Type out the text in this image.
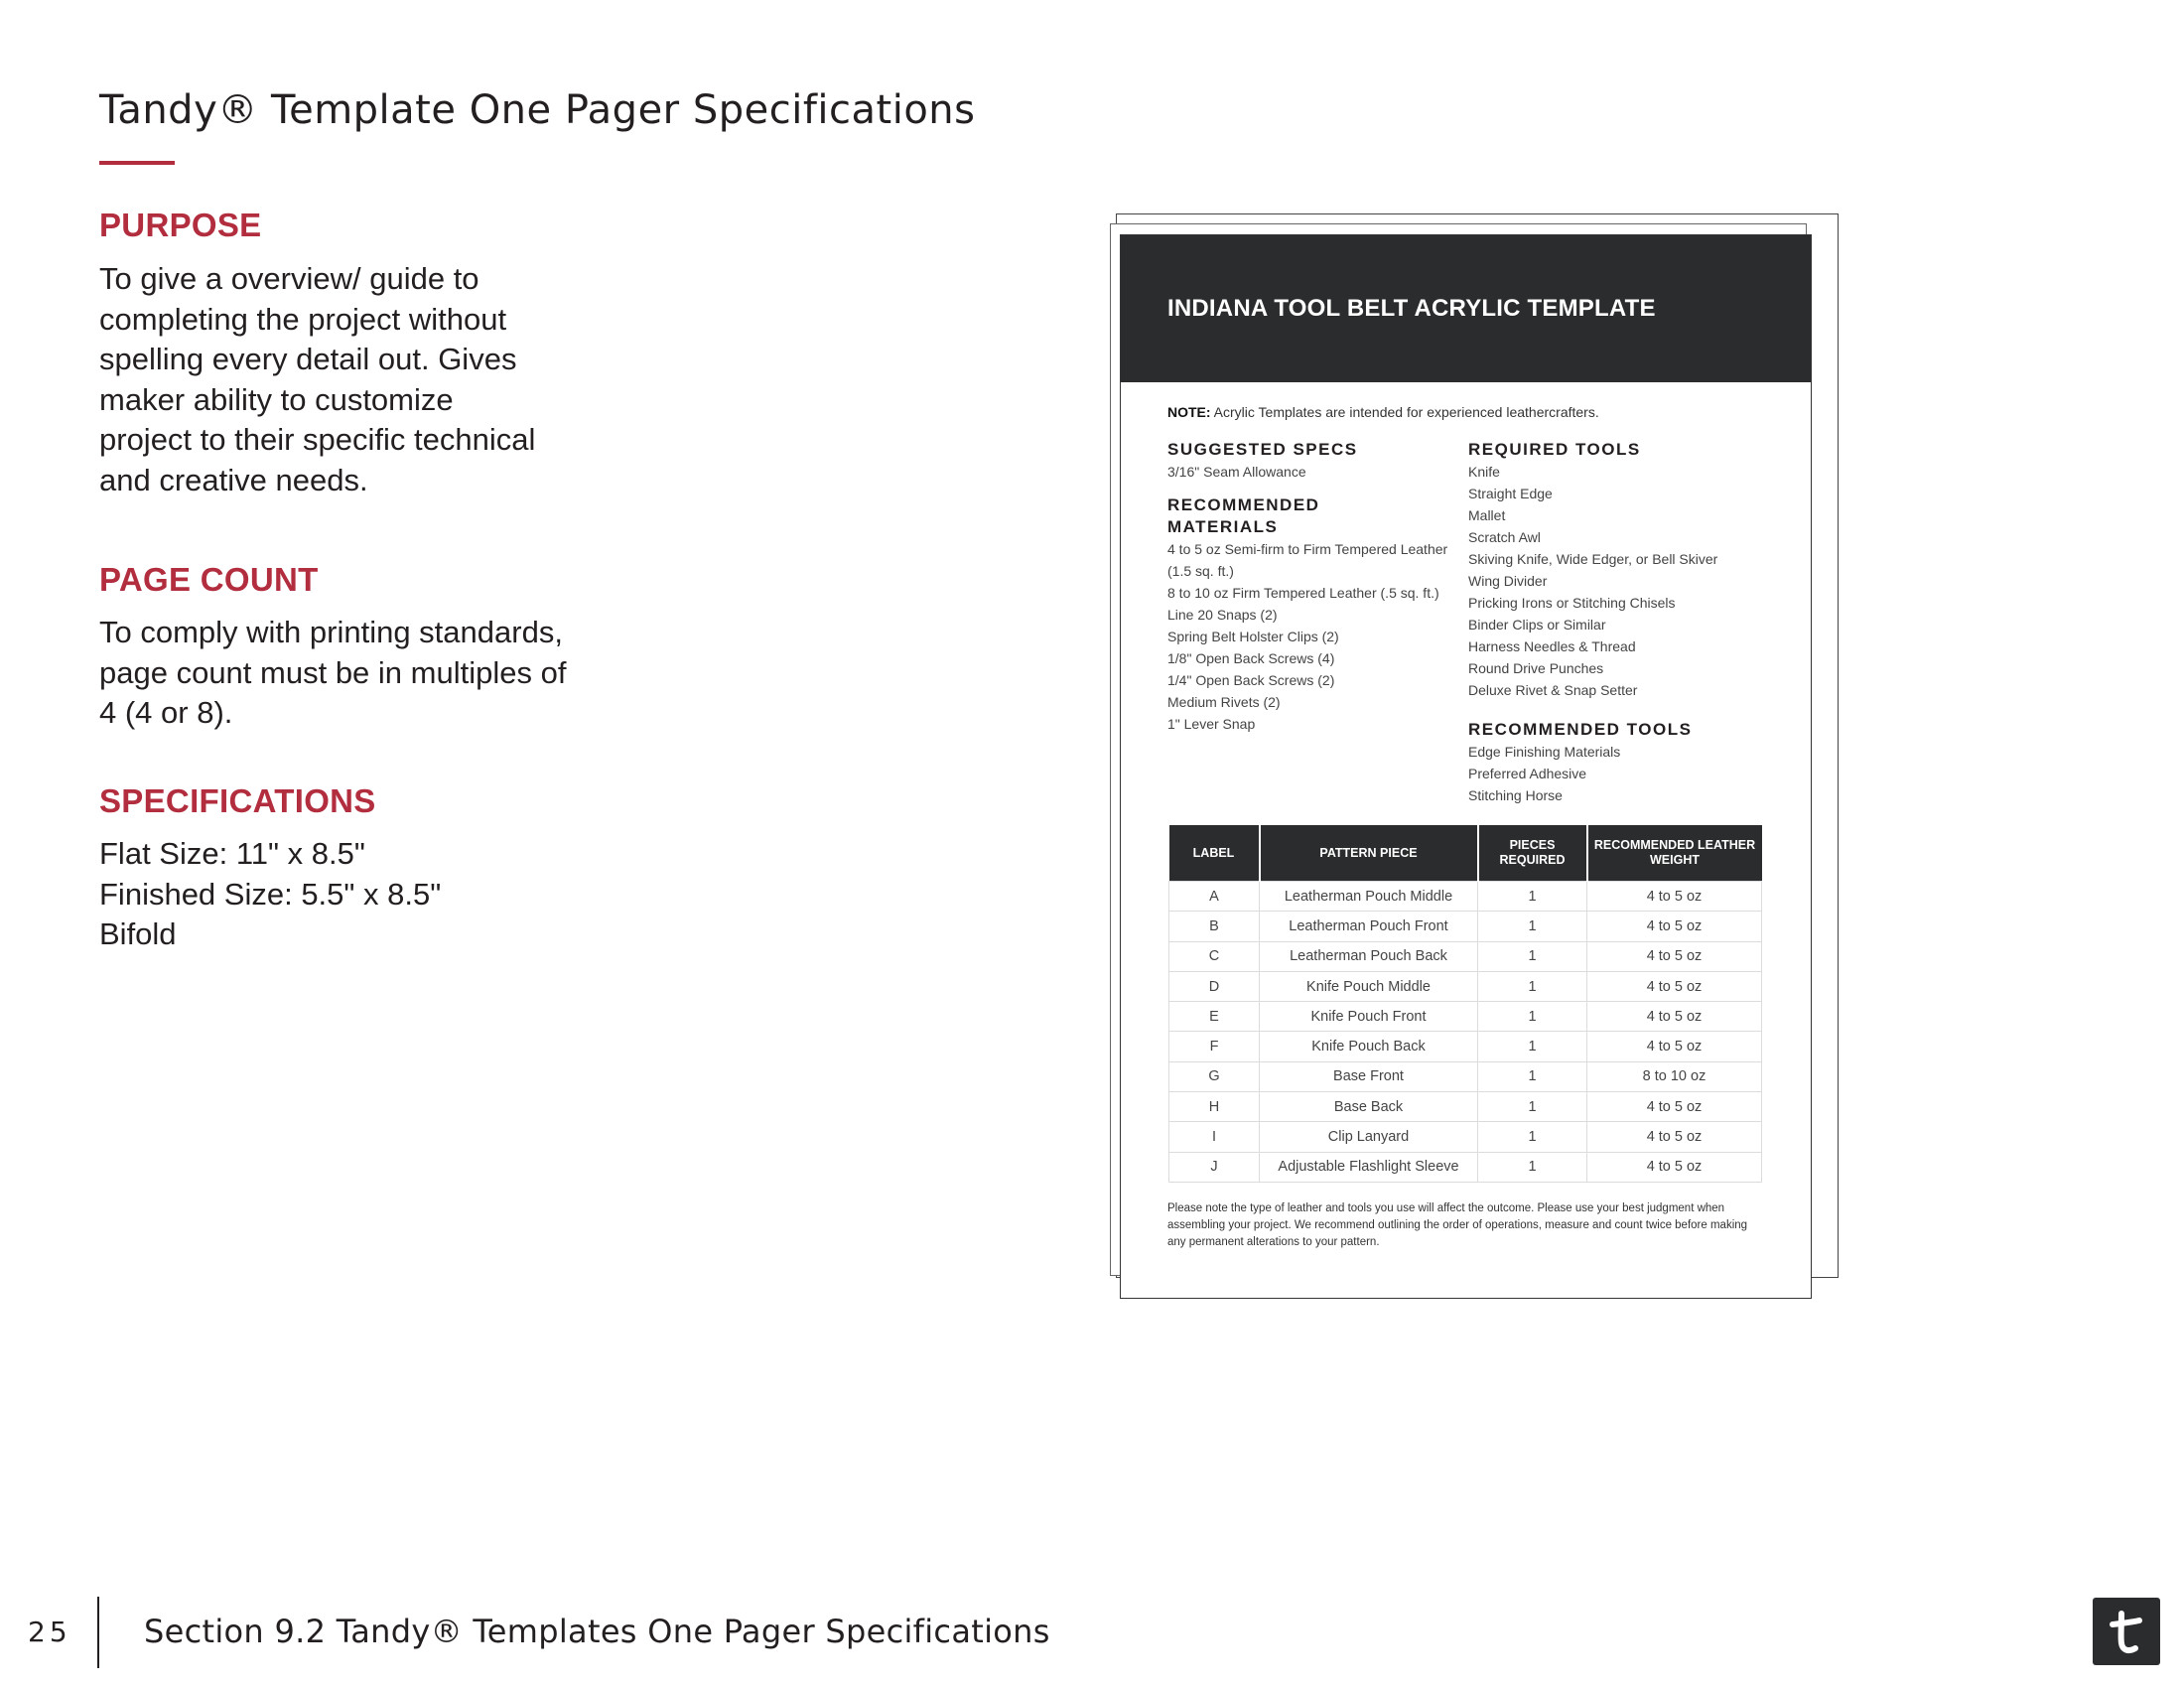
Tandy® Template One Pager Specifications
PURPOSE

To give a overview/ guide to
completing the project without
spelling every detail out. Gives
maker ability to customize
project to their specific technical
and creative needs.

PAGE COUNT

To comply with printing standards,
page count must be in multiples of
4 (4 or 8).

SPECIFICATIONS

Flat Size: 11" x 8.5"
Finished Size: 5.5" x 8.5"
Bifold

INDIANA TOOL BELT ACRYLIC TEMPLATE
NOTE: Acrylic Templates are intended for experienced leathercrafters.
SUGGESTED SPECS
3/16" Seam Allowance
RECOMMENDED MATERIALS
4 to 5 oz Semi-firm to Firm Tempered Leather (1.5 sq. ft.)
8 to 10 oz Firm Tempered Leather (.5 sq. ft.)
Line 20 Snaps (2)
Spring Belt Holster Clips (2)
1/8" Open Back Screws (4)
1/4" Open Back Screws (2)
Medium Rivets (2)
1" Lever Snap
REQUIRED TOOLS
Knife
Straight Edge
Mallet
Scratch Awl
Skiving Knife, Wide Edger, or Bell Skiver
Wing Divider
Pricking Irons or Stitching Chisels
Binder Clips or Similar
Harness Needles & Thread
Round Drive Punches
Deluxe Rivet & Snap Setter
RECOMMENDED TOOLS
Edge Finishing Materials
Preferred Adhesive
Stitching Horse
LABEL	PATTERN PIECE	PIECES REQUIRED	RECOMMENDED LEATHER WEIGHT
A	Leatherman Pouch Middle	1	4 to 5 oz
B	Leatherman Pouch Front	1	4 to 5 oz
C	Leatherman Pouch Back	1	4 to 5 oz
D	Knife Pouch Middle	1	4 to 5 oz
E	Knife Pouch Front	1	4 to 5 oz
F	Knife Pouch Back	1	4 to 5 oz
G	Base Front	1	8 to 10 oz
H	Base Back	1	4 to 5 oz
I	Clip Lanyard	1	4 to 5 oz
J	Adjustable Flashlight Sleeve	1	4 to 5 oz
Please note the type of leather and tools you use will affect the outcome. Please use your best judgment when assembling your project. We recommend outlining the order of operations, measure and count twice before making any permanent alterations to your pattern.
25 Section 9.2 Tandy® Templates One Pager Specifications
